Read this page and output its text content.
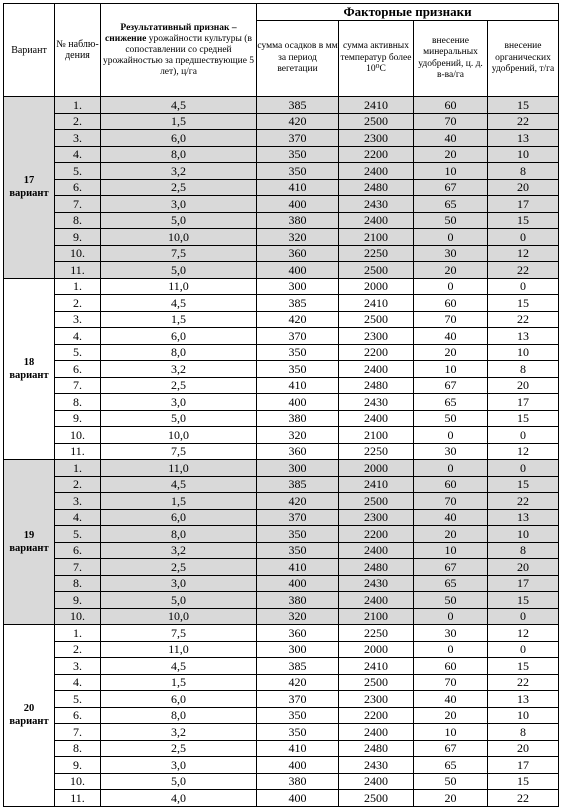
Вариант	№ наблю-дения	Результативный признак – снижение урожайности культуры (в сопоставлении со средней урожайностью за предшествующие 5 лет), ц/га	Факторные признаки			
			сумма осадков в мм за период вегетации	сумма активных температур более 10⁰С	внесение минеральных удобрений, ц. д. в-ва/га	внесение органических удобрений, т/га
17
вариант	1.	4,5	385	2410	60	15
	2.	1,5	420	2500	70	22
	3.	6,0	370	2300	40	13
	4.	8,0	350	2200	20	10
	5.	3,2	350	2400	10	8
	6.	2,5	410	2480	67	20
	7.	3,0	400	2430	65	17
	8.	5,0	380	2400	50	15
	9.	10,0	320	2100	0	0
	10.	7,5	360	2250	30	12
	11.	5,0	400	2500	20	22
18
вариант	1.	11,0	300	2000	0	0
	2.	4,5	385	2410	60	15
	3.	1,5	420	2500	70	22
	4.	6,0	370	2300	40	13
	5.	8,0	350	2200	20	10
	6.	3,2	350	2400	10	8
	7.	2,5	410	2480	67	20
	8.	3,0	400	2430	65	17
	9.	5,0	380	2400	50	15
	10.	10,0	320	2100	0	0
	11.	7,5	360	2250	30	12
19
вариант	1.	11,0	300	2000	0	0
	2.	4,5	385	2410	60	15
	3.	1,5	420	2500	70	22
	4.	6,0	370	2300	40	13
	5.	8,0	350	2200	20	10
	6.	3,2	350	2400	10	8
	7.	2,5	410	2480	67	20
	8.	3,0	400	2430	65	17
	9.	5,0	380	2400	50	15
	10.	10,0	320	2100	0	0
20
вариант	1.	7,5	360	2250	30	12
	2.	11,0	300	2000	0	0
	3.	4,5	385	2410	60	15
	4.	1,5	420	2500	70	22
	5.	6,0	370	2300	40	13
	6.	8,0	350	2200	20	10
	7.	3,2	350	2400	10	8
	8.	2,5	410	2480	67	20
	9.	3,0	400	2430	65	17
	10.	5,0	380	2400	50	15
	11.	4,0	400	2500	20	22
